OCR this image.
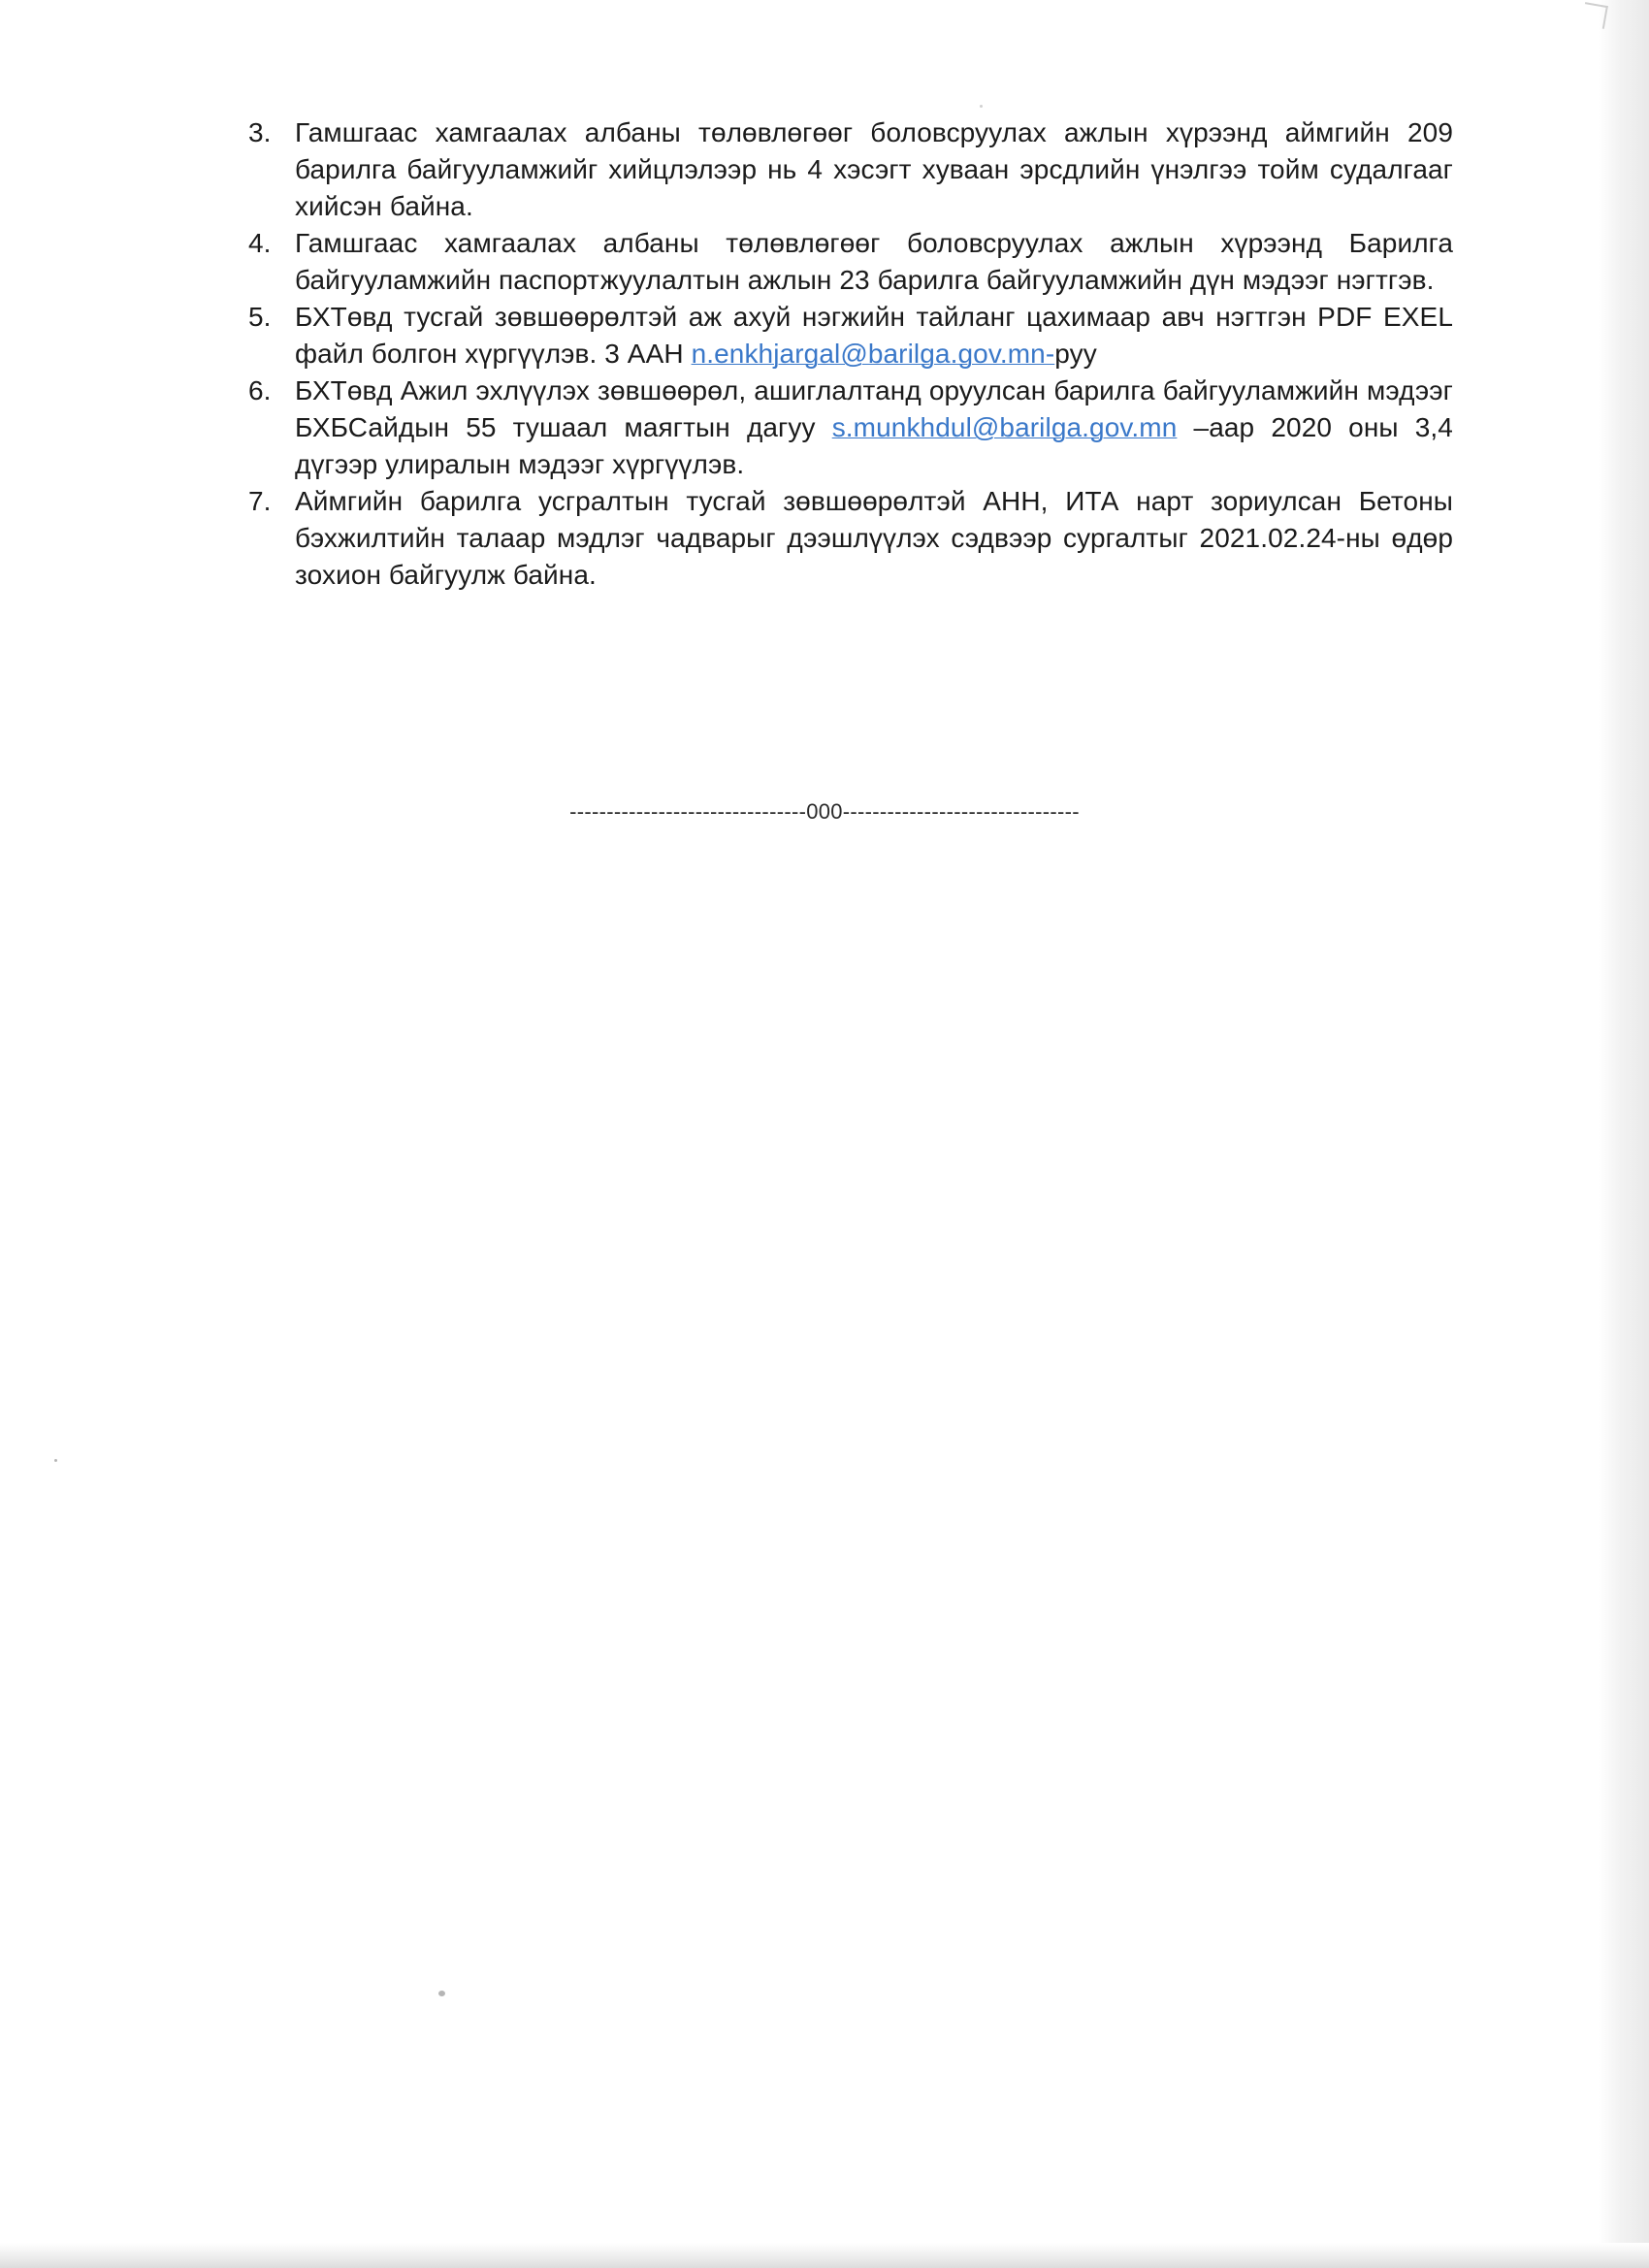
3. Гамшгаас хамгаалах албаны төлөвлөгөөг боловсруулах ажлын хүрээнд аймгийн 209 барилга байгууламжийг хийцлэлээр нь 4 хэсэгт хуваан эрсдлийн үнэлгээ тойм судалгааг хийсэн байна.
4. Гамшгаас хамгаалах албаны төлөвлөгөөг боловсруулах ажлын хүрээнд Барилга байгууламжийн паспортжуулалтын ажлын 23 барилга байгууламжийн дүн мэдээг нэгтгэв.
5. БХТөвд тусгай зөвшөөрөлтэй аж ахуй нэгжийн тайланг цахимаар авч нэгтгэн PDF EXEL файл болгон хүргүүлэв. 3 ААН n.enkhjargal@barilga.gov.mn-руу
6. БХТөвд Ажил эхлүүлэх зөвшөөрөл, ашиглалтанд оруулсан барилга байгууламжийн мэдээг БХБСайдын 55 тушаал маягтын дагуу s.munkhdul@barilga.gov.mn –аар 2020 оны 3,4 дүгээр улиралын мэдээг хүргүүлэв.
7. Аймгийн барилга усгралтын тусгай зөвшөөрөлтэй АНН, ИТА нарт зориулсан Бетоны бэхжилтийн талаар мэдлэг чадварыг дээшлүүлэх сэдвээр сургалтыг 2021.02.24-ны өдөр зохион байгуулж байна.
--------------------------------000--------------------------------
